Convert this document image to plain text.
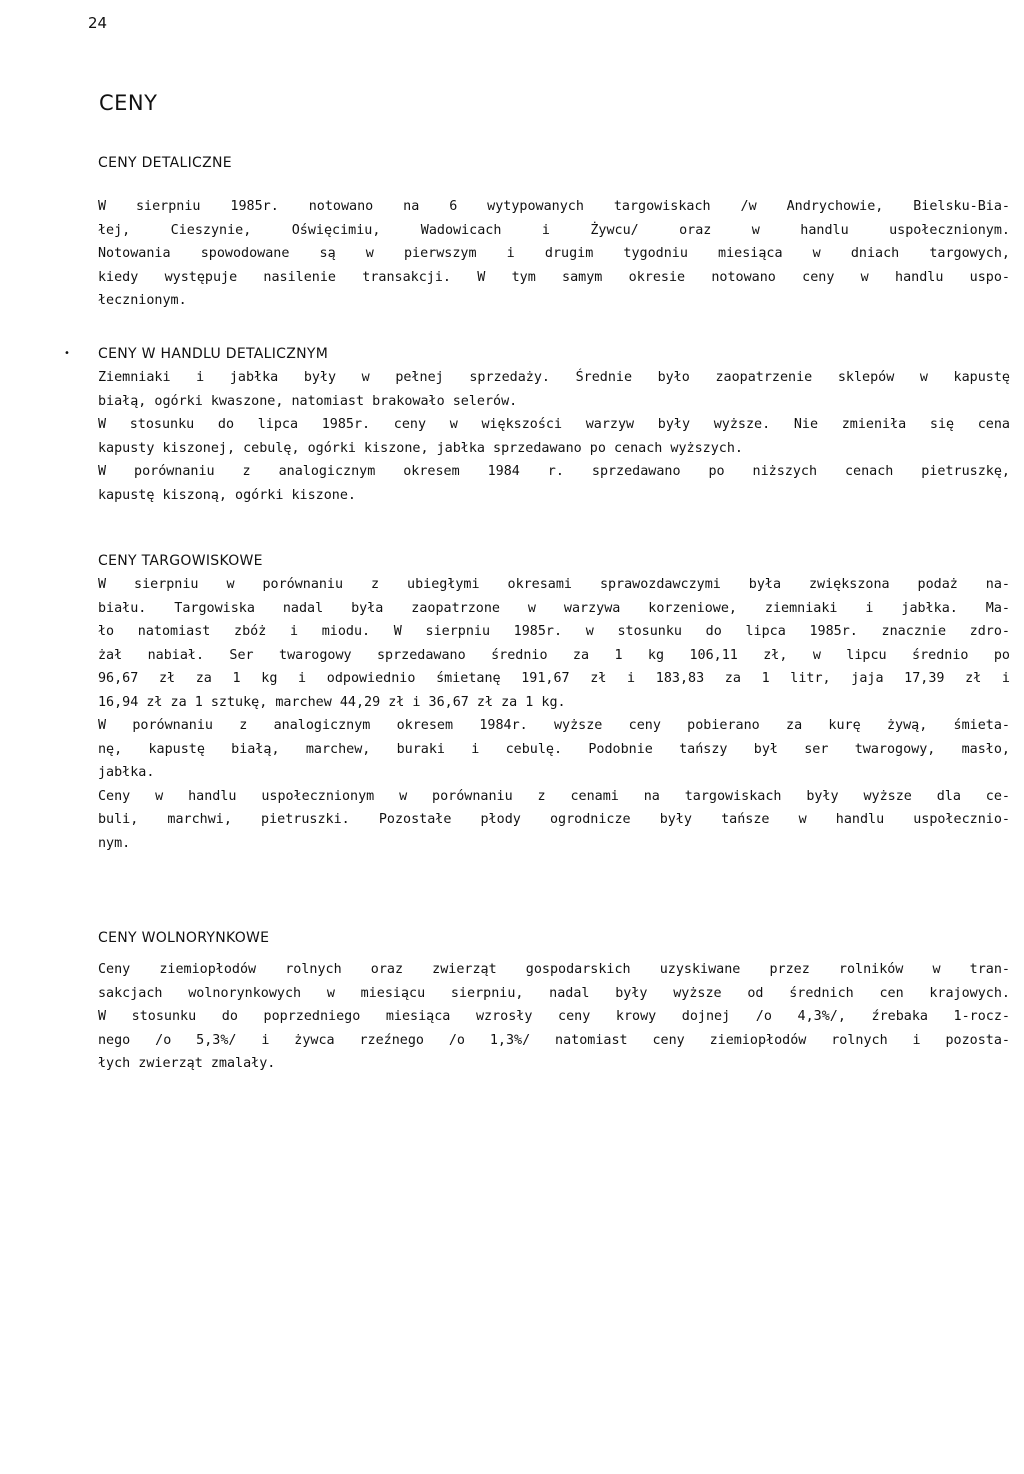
24
CENY
•
CENY DETALICZNE
W sierpniu 1985r. notowano na 6 wytypowanych targowiskach /w Andrychowie, Bielsku-Bia-
łej, Cieszynie, Oświęcimiu, Wadowicach i Żywcu/ oraz w handlu uspołecznionym.
Notowania spowodowane są w pierwszym i drugim tygodniu miesiąca w dniach targowych,
kiedy występuje nasilenie transakcji. W tym samym okresie notowano ceny w handlu uspo-
łecznionym.
CENY W HANDLU DETALICZNYM
Ziemniaki i jabłka były w pełnej sprzedaży. Średnie było zaopatrzenie sklepów w kapustę
białą, ogórki kwaszone, natomiast brakowało selerów.
W stosunku do lipca 1985r. ceny w większości warzyw były wyższe. Nie zmieniła się cena
kapusty kiszonej, cebulę, ogórki kiszone, jabłka sprzedawano po cenach wyższych.
W porównaniu z analogicznym okresem 1984 r. sprzedawano po niższych cenach pietruszkę,
kapustę kiszoną, ogórki kiszone.
CENY TARGOWISKOWE
W sierpniu w porównaniu z ubiegłymi okresami sprawozdawczymi była zwiększona podaż na-
biału. Targowiska nadal była zaopatrzone w warzywa korzeniowe, ziemniaki i jabłka. Ma-
ło natomiast zbóż i miodu. W sierpniu 1985r. w stosunku do lipca 1985r. znacznie zdro-
żał nabiał. Ser twarogowy sprzedawano średnio za 1 kg 106,11 zł, w lipcu średnio po
96,67 zł za 1 kg i odpowiednio śmietanę 191,67 zł i 183,83 za 1 litr, jaja 17,39 zł i
16,94 zł za 1 sztukę, marchew 44,29 zł i 36,67 zł za 1 kg.
W porównaniu z analogicznym okresem 1984r. wyższe ceny pobierano za kurę żywą, śmieta-
nę, kapustę białą, marchew, buraki i cebulę. Podobnie tańszy był ser twarogowy, masło,
jabłka.
Ceny w handlu uspołecznionym w porównaniu z cenami na targowiskach były wyższe dla ce-
buli, marchwi, pietruszki. Pozostałe płody ogrodnicze były tańsze w handlu uspołecznio-
nym.
CENY WOLNORYNKOWE
Ceny ziemiopłodów rolnych oraz zwierząt gospodarskich uzyskiwane przez rolników w tran-
sakcjach wolnorynkowych w miesiącu sierpniu, nadal były wyższe od średnich cen krajowych.
W stosunku do poprzedniego miesiąca wzrosły ceny krowy dojnej /o 4,3%/, źrebaka 1-rocz-
nego /o 5,3%/ i żywca rzeźnego /o 1,3%/ natomiast ceny ziemiopłodów rolnych i pozosta-
łych zwierząt zmalały.
